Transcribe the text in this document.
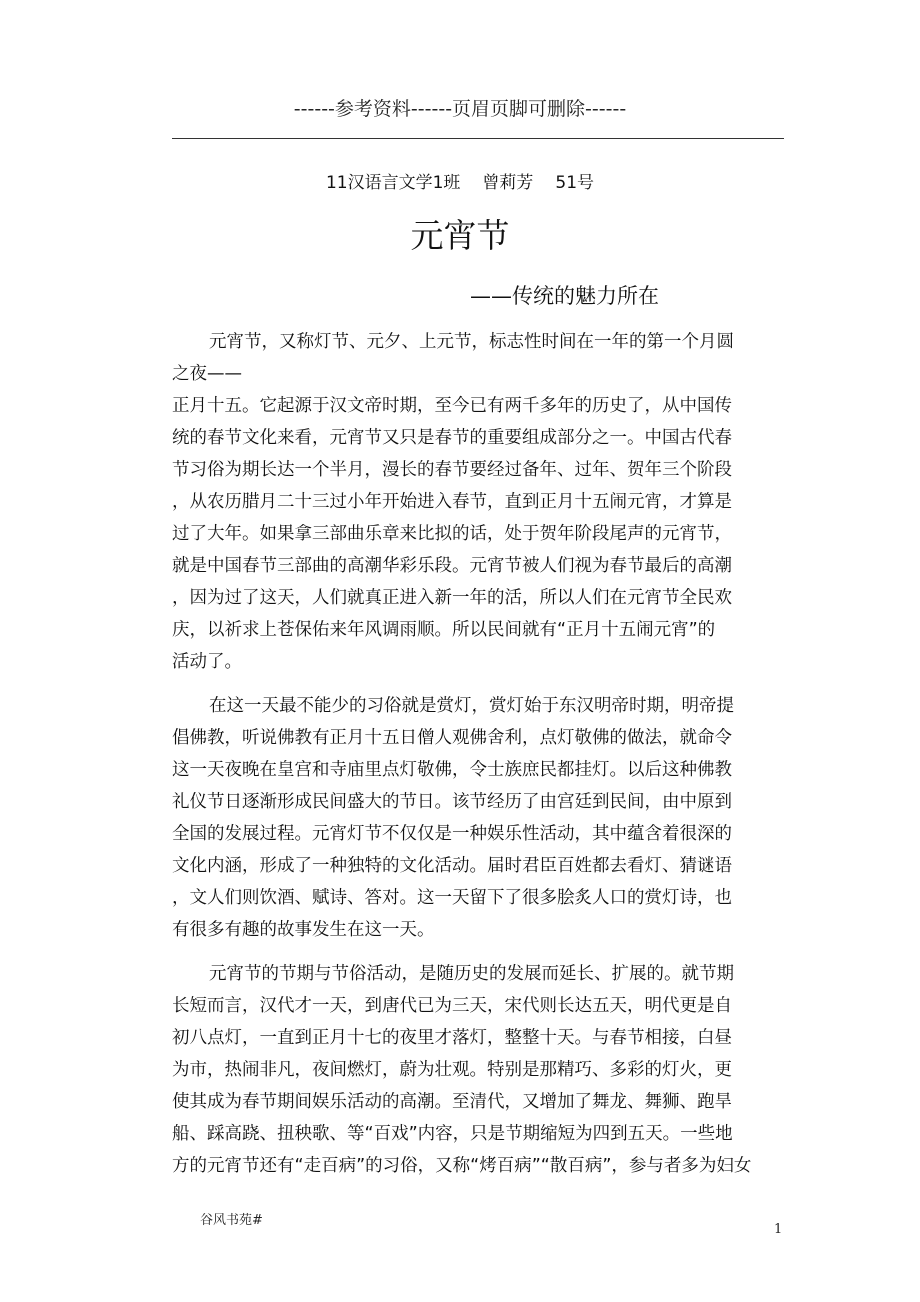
------参考资料------页眉页脚可删除------
11汉语言文学1班 曾莉芳 51号
元宵节
——传统的魅力所在
元宵节，又称灯节、元夕、上元节，标志性时间在一年的第一个月圆
之夜——
正月十五。它起源于汉文帝时期，至今已有两千多年的历史了，从中国传
统的春节文化来看，元宵节又只是春节的重要组成部分之一。中国古代春
节习俗为期长达一个半月，漫长的春节要经过备年、过年、贺年三个阶段
，从农历腊月二十三过小年开始进入春节，直到正月十五闹元宵，才算是
过了大年。如果拿三部曲乐章来比拟的话，处于贺年阶段尾声的元宵节，
就是中国春节三部曲的高潮华彩乐段。元宵节被人们视为春节最后的高潮
，因为过了这天，人们就真正进入新一年的活，所以人们在元宵节全民欢
庆，以祈求上苍保佑来年风调雨顺。所以民间就有“正月十五闹元宵”的
活动了。
在这一天最不能少的习俗就是赏灯，赏灯始于东汉明帝时期，明帝提
倡佛教，听说佛教有正月十五日僧人观佛舍利，点灯敬佛的做法，就命令
这一天夜晚在皇宫和寺庙里点灯敬佛，令士族庶民都挂灯。以后这种佛教
礼仪节日逐渐形成民间盛大的节日。该节经历了由宫廷到民间，由中原到
全国的发展过程。元宵灯节不仅仅是一种娱乐性活动，其中蕴含着很深的
文化内涵，形成了一种独特的文化活动。届时君臣百姓都去看灯、猜谜语
，文人们则饮酒、赋诗、答对。这一天留下了很多脍炙人口的赏灯诗，也
有很多有趣的故事发生在这一天。
元宵节的节期与节俗活动，是随历史的发展而延长、扩展的。就节期
长短而言，汉代才一天，到唐代已为三天，宋代则长达五天，明代更是自
初八点灯，一直到正月十七的夜里才落灯，整整十天。与春节相接，白昼
为市，热闹非凡，夜间燃灯，蔚为壮观。特别是那精巧、多彩的灯火，更
使其成为春节期间娱乐活动的高潮。至清代，又增加了舞龙、舞狮、跑旱
船、踩高跷、扭秧歌、等“百戏”内容，只是节期缩短为四到五天。一些地
方的元宵节还有“走百病”的习俗，又称“烤百病”“散百病”，参与者多为妇女
谷风书苑#
1
